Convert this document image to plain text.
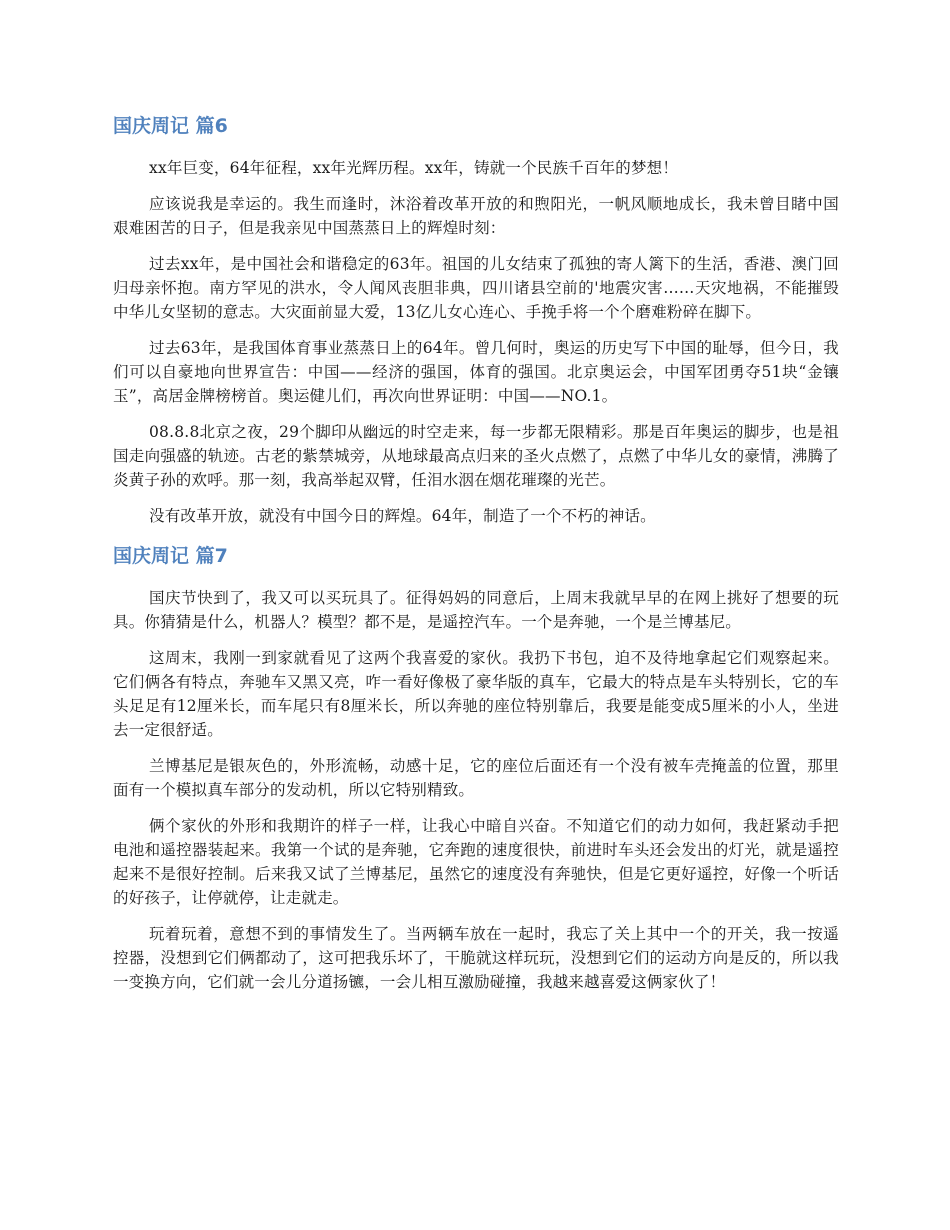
国庆周记 篇6

xx年巨变，64年征程，xx年光辉历程。xx年，铸就一个民族千百年的梦想！

应该说我是幸运的。我生而逢时，沐浴着改革开放的和煦阳光，一帆风顺地成长，我未曾目睹中国艰难困苦的日子，但是我亲见中国蒸蒸日上的辉煌时刻：

过去xx年，是中国社会和谐稳定的63年。祖国的儿女结束了孤独的寄人篱下的生活，香港、澳门回归母亲怀抱。南方罕见的洪水，令人闻风丧胆非典，四川诸县空前的'地震灾害……天灾地祸，不能摧毁中华儿女坚韧的意志。大灾面前显大爱，13亿儿女心连心、手挽手将一个个磨难粉碎在脚下。

过去63年，是我国体育事业蒸蒸日上的64年。曾几何时，奥运的历史写下中国的耻辱，但今日，我们可以自豪地向世界宣告：中国——经济的强国，体育的强国。北京奥运会，中国军团勇夺51块“金镶玉”，高居金牌榜榜首。奥运健儿们，再次向世界证明：中国——NO.1。

08.8.8北京之夜，29个脚印从幽远的时空走来，每一步都无限精彩。那是百年奥运的脚步，也是祖国走向强盛的轨迹。古老的紫禁城旁，从地球最高点归来的圣火点燃了，点燃了中华儿女的豪情，沸腾了炎黄子孙的欢呼。那一刻，我高举起双臂，任泪水洇在烟花璀璨的光芒。

没有改革开放，就没有中国今日的辉煌。64年，制造了一个不朽的神话。

国庆周记 篇7

国庆节快到了，我又可以买玩具了。征得妈妈的同意后，上周末我就早早的在网上挑好了想要的玩具。你猜猜是什么，机器人？模型？都不是，是遥控汽车。一个是奔驰，一个是兰博基尼。

这周末，我刚一到家就看见了这两个我喜爱的家伙。我扔下书包，迫不及待地拿起它们观察起来。它们俩各有特点，奔驰车又黑又亮，咋一看好像极了豪华版的真车，它最大的特点是车头特别长，它的车头足足有12厘米长，而车尾只有8厘米长，所以奔驰的座位特别靠后，我要是能变成5厘米的小人，坐进去一定很舒适。

兰博基尼是银灰色的，外形流畅，动感十足，它的座位后面还有一个没有被车壳掩盖的位置，那里面有一个模拟真车部分的发动机，所以它特别精致。

俩个家伙的外形和我期许的样子一样，让我心中暗自兴奋。不知道它们的动力如何，我赶紧动手把电池和遥控器装起来。我第一个试的是奔驰，它奔跑的速度很快，前进时车头还会发出的灯光，就是遥控起来不是很好控制。后来我又试了兰博基尼，虽然它的速度没有奔驰快，但是它更好遥控，好像一个听话的好孩子，让停就停，让走就走。

玩着玩着，意想不到的事情发生了。当两辆车放在一起时，我忘了关上其中一个的开关，我一按遥控器，没想到它们俩都动了，这可把我乐坏了，干脆就这样玩玩，没想到它们的运动方向是反的，所以我一变换方向，它们就一会儿分道扬镳，一会儿相互激励碰撞，我越来越喜爱这俩家伙了！
